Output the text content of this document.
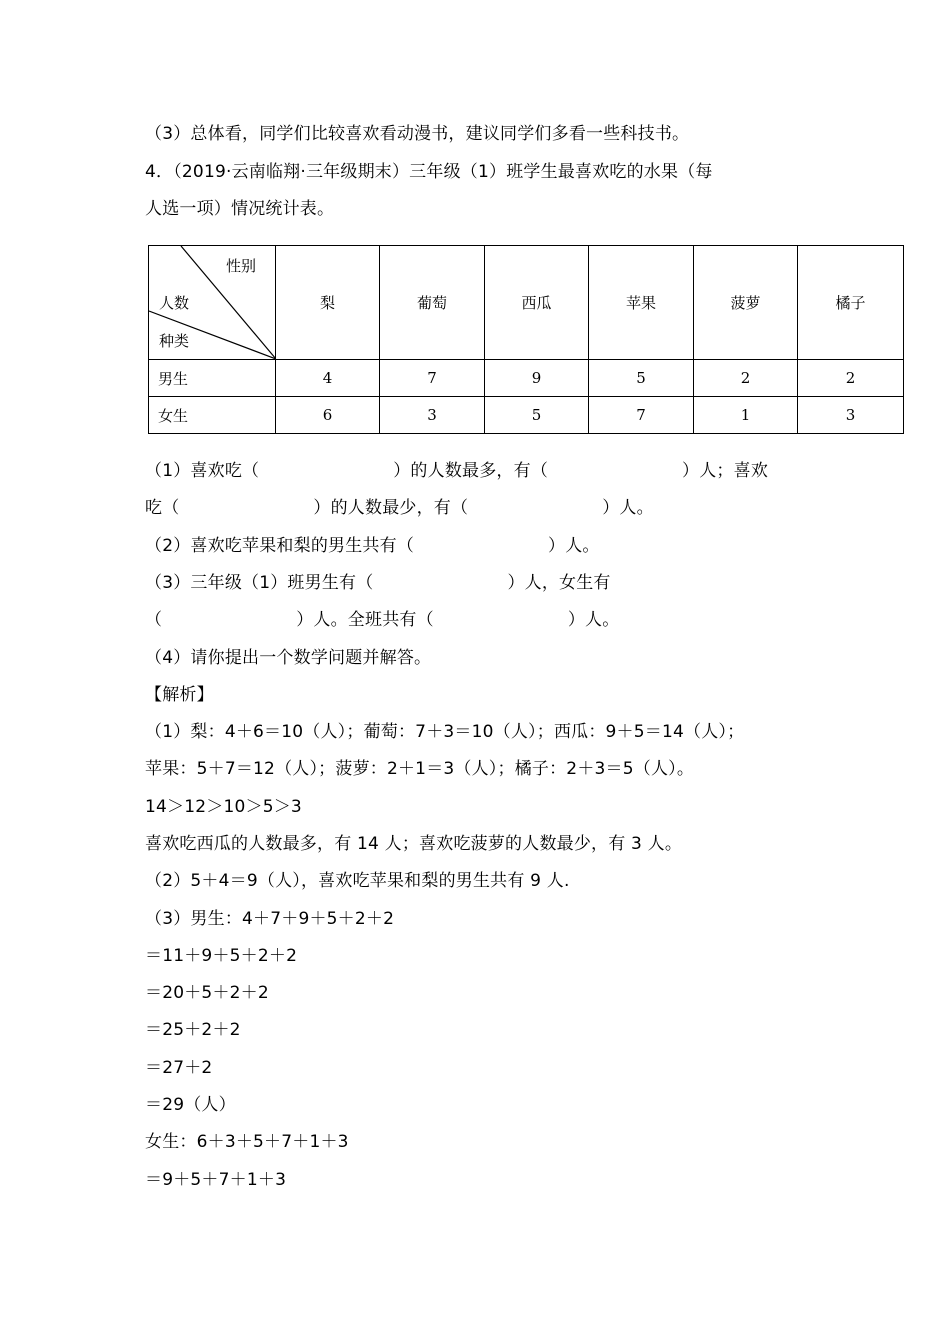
（3）总体看，同学们比较喜欢看动漫书，建议同学们多看一些科技书。
4．（2019·云南临翔·三年级期末）三年级（1）班学生最喜欢吃的水果（每
人选一项）情况统计表。
性别
人数
种类	梨	葡萄	西瓜	苹果	菠萝	橘子
男生	4	7	9	5	2	2
女生	6	3	5	7	1	3
（1）喜欢吃（	）的人数最多，有（	）人；喜欢
吃（	）的人数最少，有（	）人。
（2）喜欢吃苹果和梨的男生共有（	）人。
（3）三年级（1）班男生有（	）人，女生有
（	）人。全班共有（	）人。
（4）请你提出一个数学问题并解答。
【解析】
（1）梨：4＋6＝10（人）；葡萄：7＋3＝10（人）；西瓜：9＋5＝14（人）；
苹果：5＋7＝12（人）；菠萝：2＋1＝3（人）；橘子：2＋3＝5（人）。
14＞12＞10＞5＞3
喜欢吃西瓜的人数最多，有 14 人；喜欢吃菠萝的人数最少，有 3 人。
（2）5＋4＝9（人），喜欢吃苹果和梨的男生共有 9 人.
（3）男生：4＋7＋9＋5＋2＋2
＝11＋9＋5＋2＋2
＝20＋5＋2＋2
＝25＋2＋2
＝27＋2
＝29（人）
女生：6＋3＋5＋7＋1＋3
＝9＋5＋7＋1＋3
